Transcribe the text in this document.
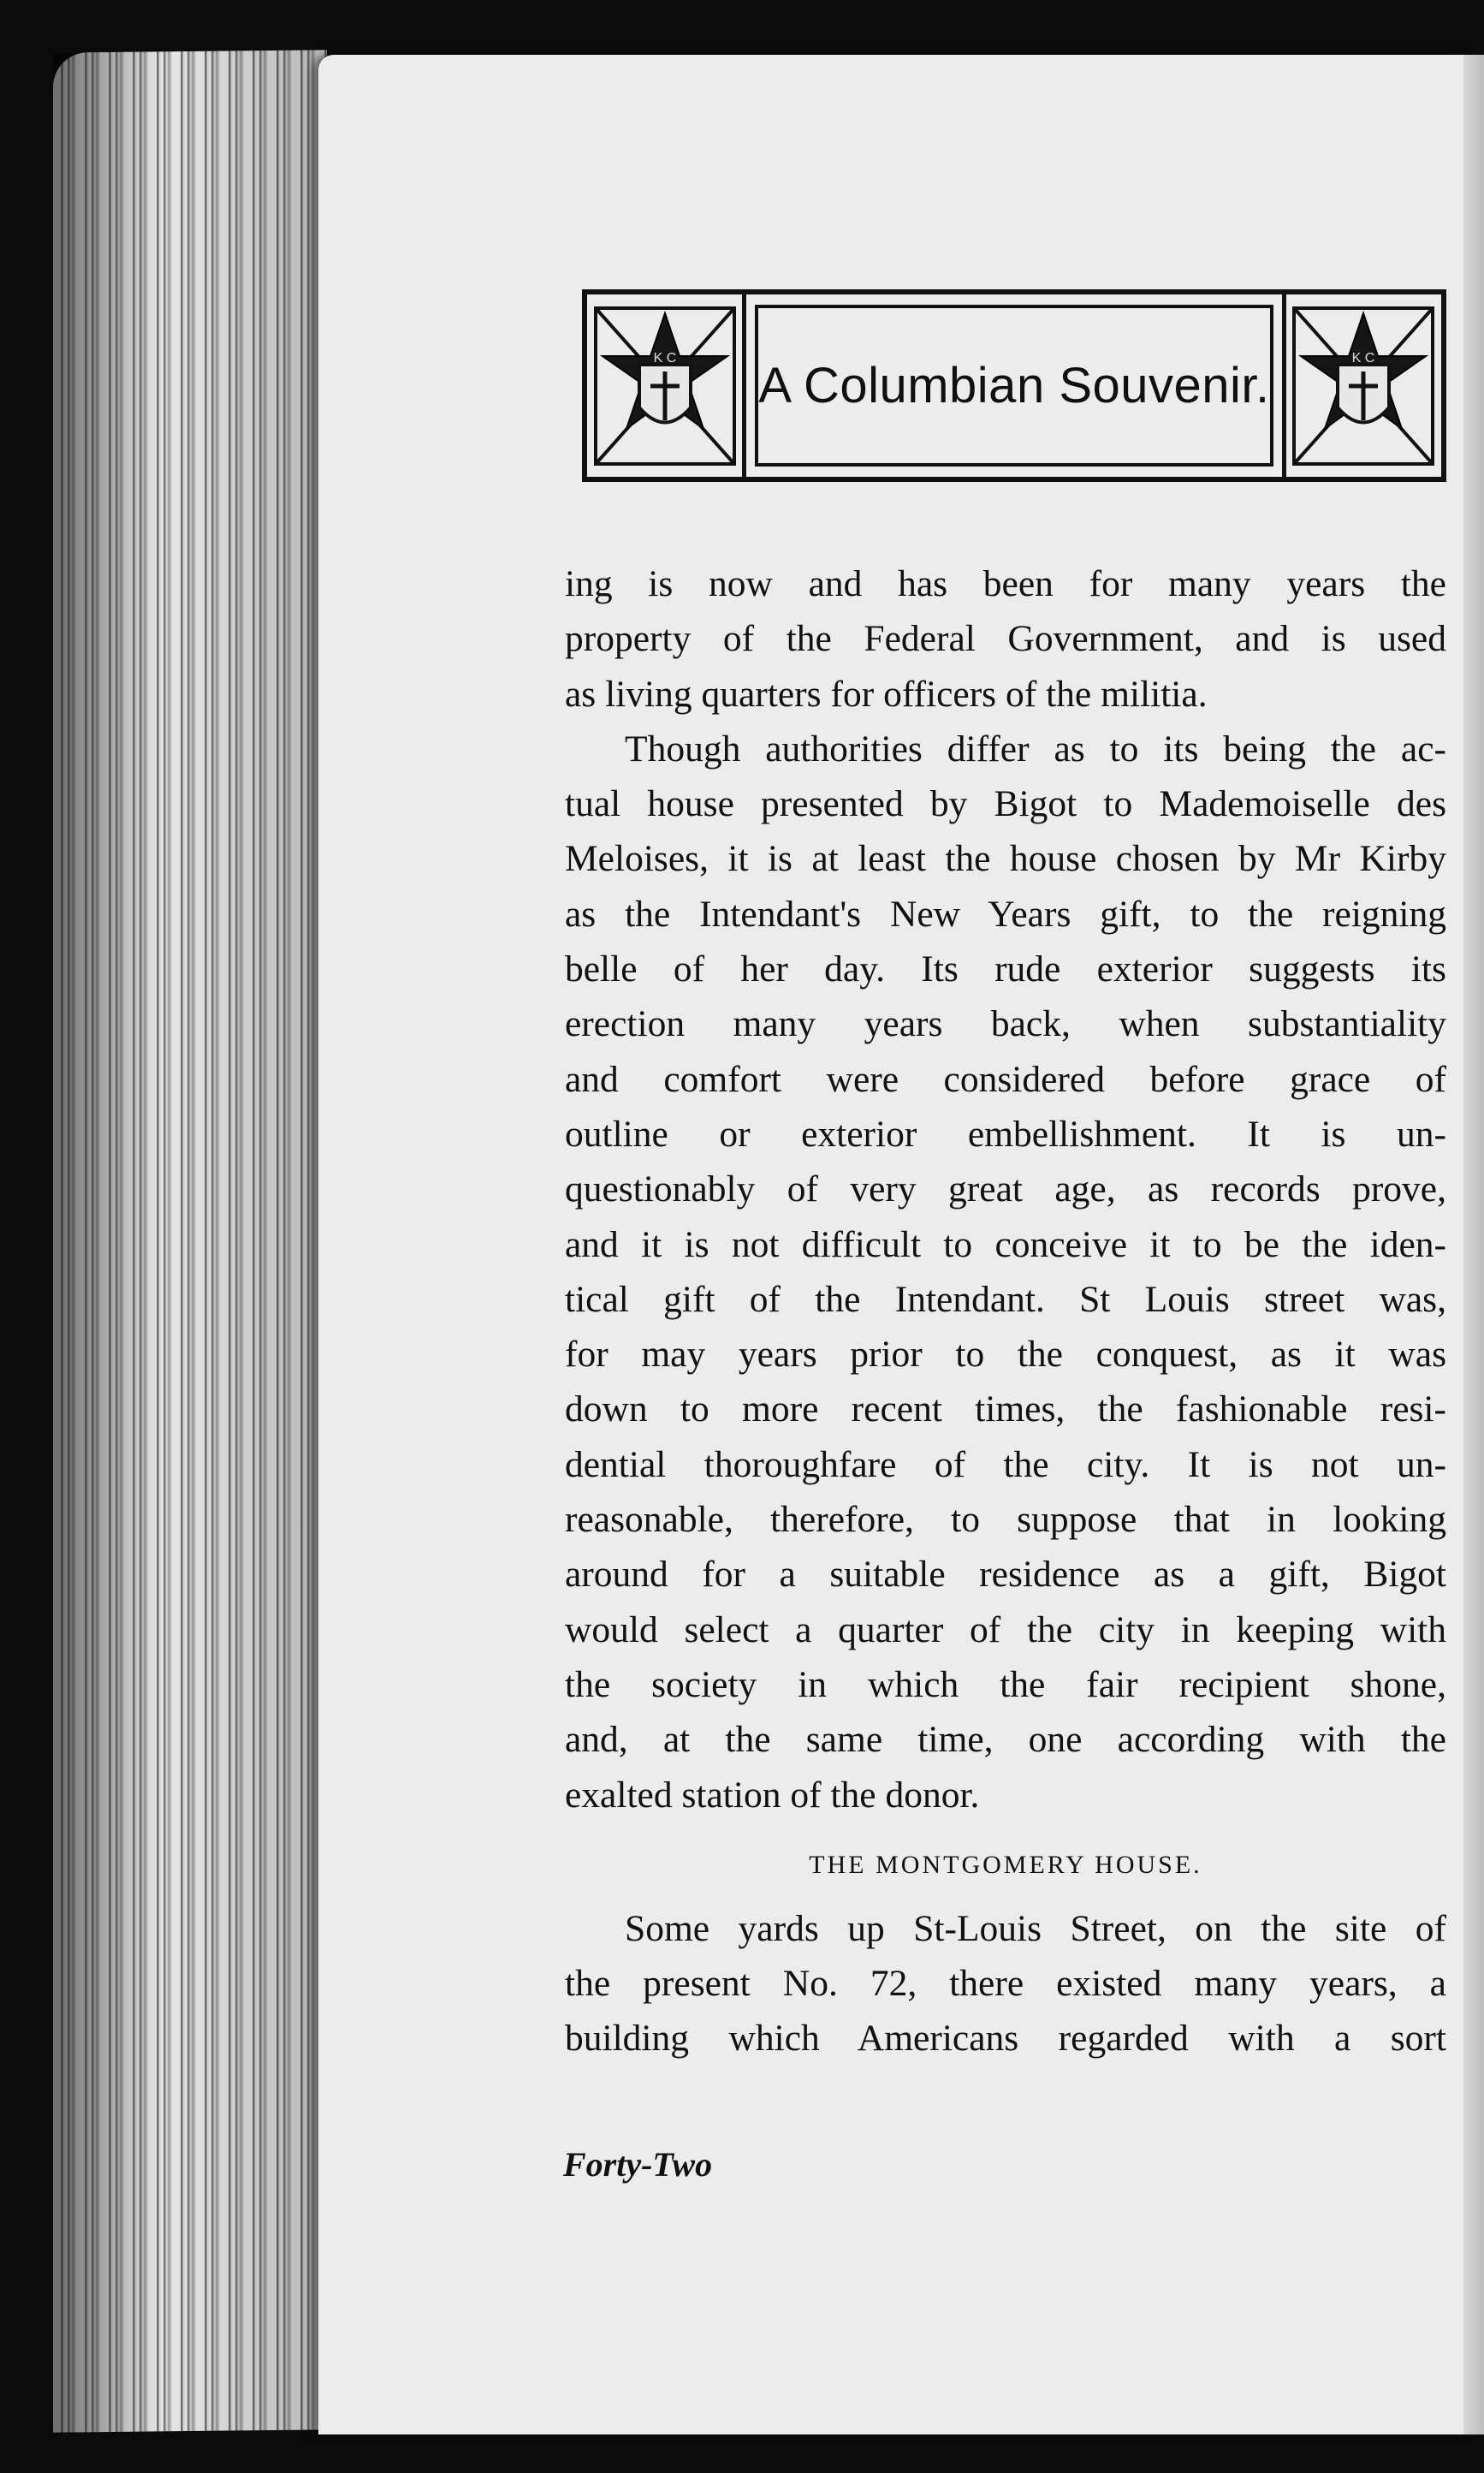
K C A Columbian Souvenir.	K C
ing is now and has been for many years the
property of the Federal Government, and is used
as living quarters for officers of the militia.
Though authorities differ as to its being the ac-
tual house presented by Bigot to Mademoiselle des
Meloises, it is at least the house chosen by Mr Kirby
as the Intendant's New Years gift, to the reigning
belle of her day. Its rude exterior suggests its
erection many years back, when substantiality
and comfort were considered before grace of
outline or exterior embellishment. It is un-
questionably of very great age, as records prove,
and it is not difficult to conceive it to be the iden-
tical gift of the Intendant. St Louis street was,
for may years prior to the conquest, as it was
down to more recent times, the fashionable resi-
dential thoroughfare of the city. It is not un-
reasonable, therefore, to suppose that in looking
around for a suitable residence as a gift, Bigot
would select a quarter of the city in keeping with
the society in which the fair recipient shone,
and, at the same time, one according with the
exalted station of the donor.
THE MONTGOMERY HOUSE.
Some yards up St-Louis Street, on the site of
the present No. 72, there existed many years, a
building which Americans regarded with a sort
Forty-Two
